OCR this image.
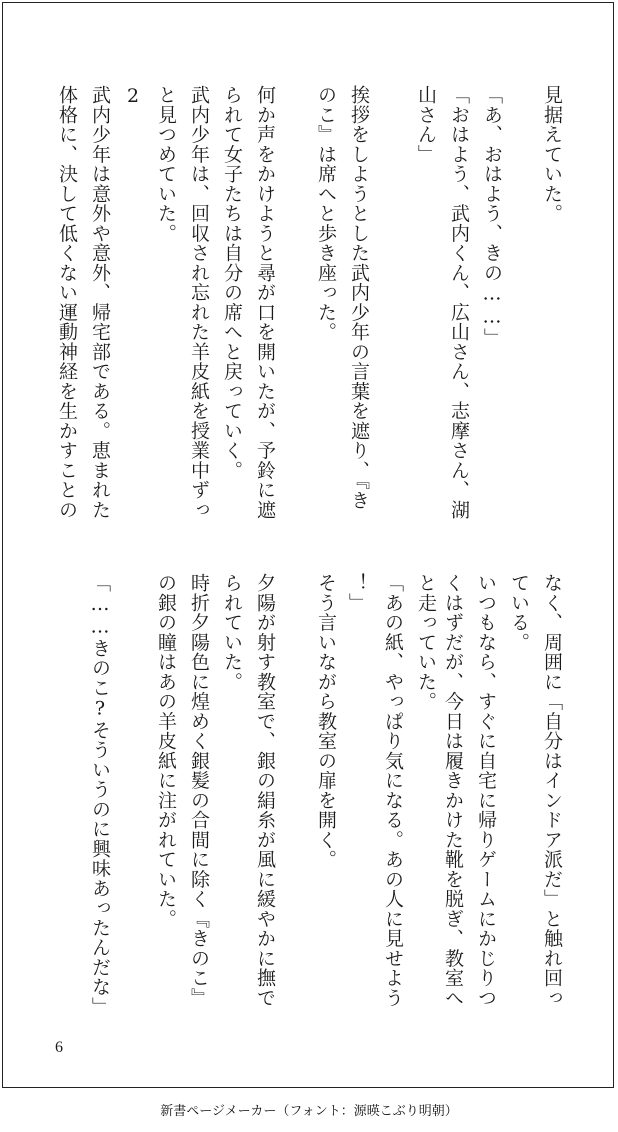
見据えていた。
「あ、おはよう、きの……」
「おはよう、武内くん、広山さん、志摩さん、湖
山さん」
挨拶をしようとした武内少年の言葉を遮り、『き
のこ』は席へと歩き座った。
何か声をかけようと尋が口を開いたが、予鈴に遮
られて女子たちは自分の席へと戻っていく。
武内少年は、回収され忘れた羊皮紙を授業中ずっ
と見つめていた。
2
武内少年は意外や意外、帰宅部である。恵まれた
体格に、決して低くない運動神経を生かすことの
なく、周囲に「自分はインドア派だ」と触れ回っ
ている。
いつもなら、すぐに自宅に帰りゲームにかじりつ
くはずだが、今日は履きかけた靴を脱ぎ、教室へ
と走っていた。
「あの紙、やっぱり気になる。あの人に見せよう
！」
そう言いながら教室の扉を開く。
夕陽が射す教室で、銀の絹糸が風に緩やかに撫で
られていた。
時折夕陽色に煌めく銀髪の合間に除く『きのこ』
の銀の瞳はあの羊皮紙に注がれていた。
「……きのこ?そういうのに興味あったんだな」
6
新書ページメーカー（フォント：源暎こぶり明朝）
